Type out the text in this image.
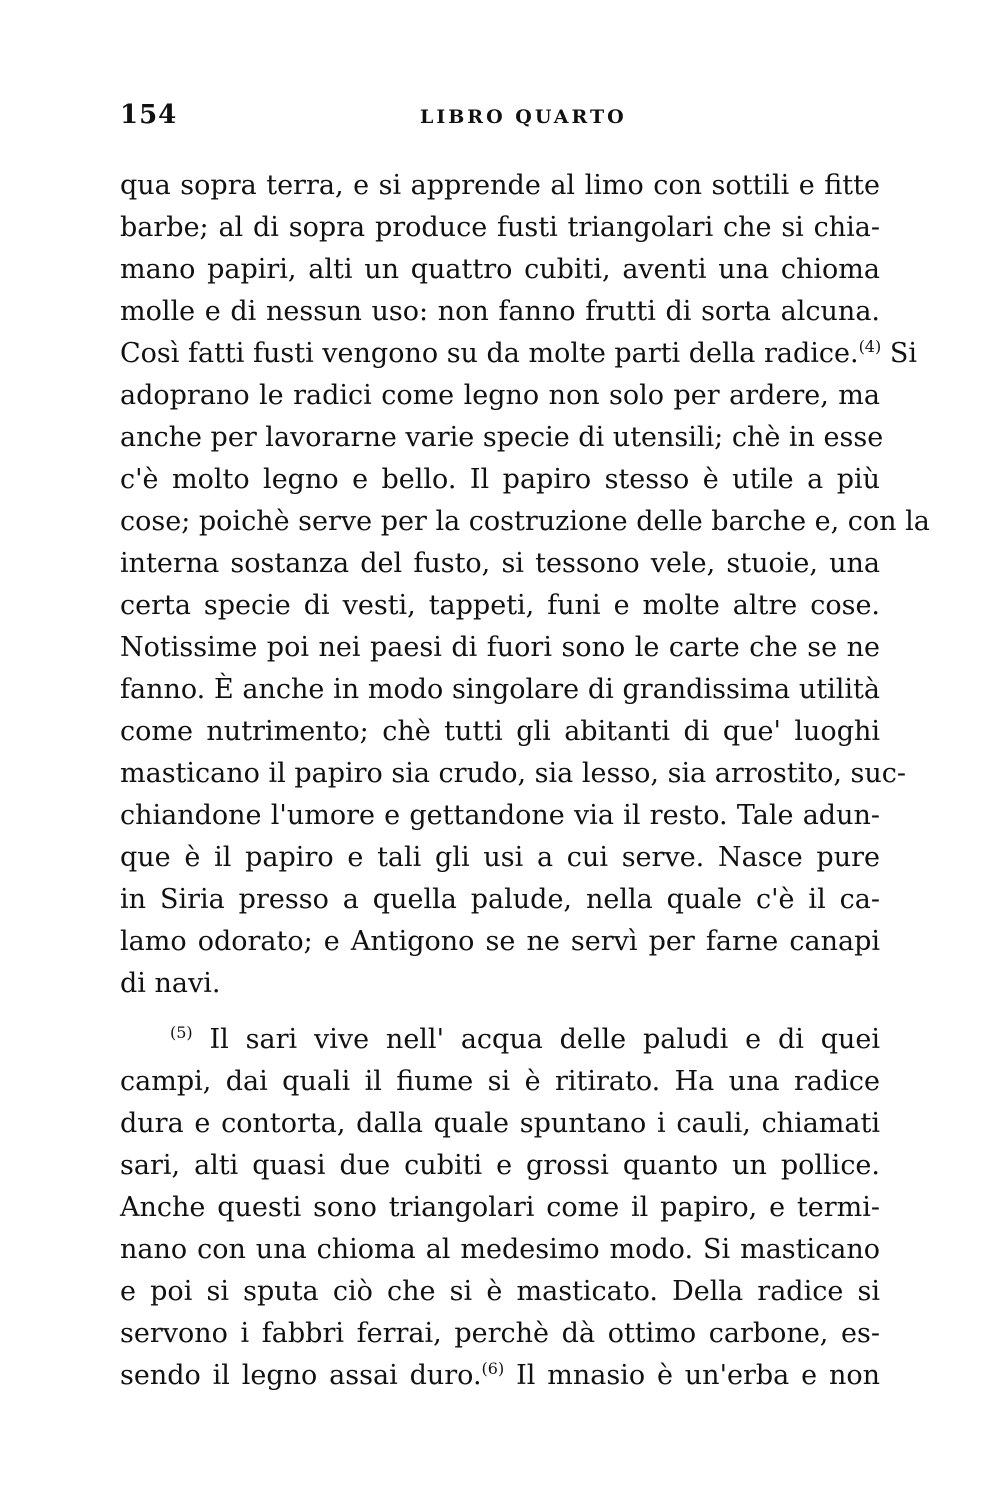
154	LIBRO QUARTO
qua sopra terra, e si apprende al limo con sottili e fitte
barbe; al di sopra produce fusti triangolari che si chia-
mano papiri, alti un quattro cubiti, aventi una chioma
molle e di nessun uso: non fanno frutti di sorta alcuna.
Così fatti fusti vengono su da molte parti della radice.$^{(4)}$ Si
adoprano le radici come legno non solo per ardere, ma
anche per lavorarne varie specie di utensili; chè in esse
c'è molto legno e bello. Il papiro stesso è utile a più
cose; poichè serve per la costruzione delle barche e, con la
interna sostanza del fusto, si tessono vele, stuoie, una
certa specie di vesti, tappeti, funi e molte altre cose.
Notissime poi nei paesi di fuori sono le carte che se ne
fanno. È anche in modo singolare di grandissima utilità
come nutrimento; chè tutti gli abitanti di que' luoghi
masticano il papiro sia crudo, sia lesso, sia arrostito, suc-
chiandone l'umore e gettandone via il resto. Tale adun-
que è il papiro e tali gli usi a cui serve. Nasce pure
in Siria presso a quella palude, nella quale c'è il ca-
lamo odorato; e Antigono se ne servì per farne canapi
di navi.
$^{(5)}$ Il sari vive nell' acqua delle paludi e di quei
campi, dai quali il fiume si è ritirato. Ha una radice
dura e contorta, dalla quale spuntano i cauli, chiamati
sari, alti quasi due cubiti e grossi quanto un pollice.
Anche questi sono triangolari come il papiro, e termi-
nano con una chioma al medesimo modo. Si masticano
e poi si sputa ciò che si è masticato. Della radice si
servono i fabbri ferrai, perchè dà ottimo carbone, es-
sendo il legno assai duro.$^{(6)}$ Il mnasio è un'erba e non
